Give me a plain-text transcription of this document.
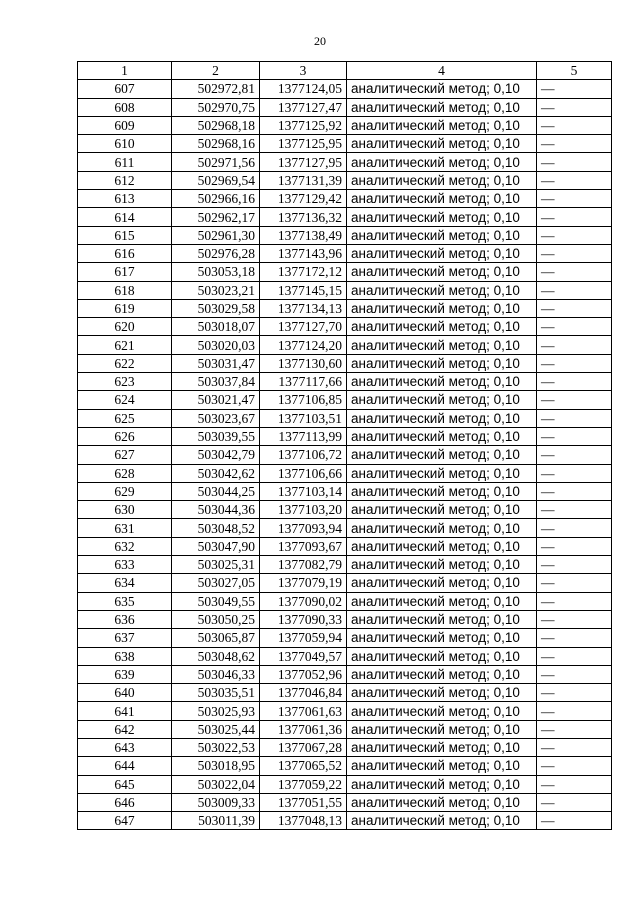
20
1	2	3	4	5
607	502972,81	1377124,05	аналитический метод; 0,10	—
608	502970,75	1377127,47	аналитический метод; 0,10	—
609	502968,18	1377125,92	аналитический метод; 0,10	—
610	502968,16	1377125,95	аналитический метод; 0,10	—
611	502971,56	1377127,95	аналитический метод; 0,10	—
612	502969,54	1377131,39	аналитический метод; 0,10	—
613	502966,16	1377129,42	аналитический метод; 0,10	—
614	502962,17	1377136,32	аналитический метод; 0,10	—
615	502961,30	1377138,49	аналитический метод; 0,10	—
616	502976,28	1377143,96	аналитический метод; 0,10	—
617	503053,18	1377172,12	аналитический метод; 0,10	—
618	503023,21	1377145,15	аналитический метод; 0,10	—
619	503029,58	1377134,13	аналитический метод; 0,10	—
620	503018,07	1377127,70	аналитический метод; 0,10	—
621	503020,03	1377124,20	аналитический метод; 0,10	—
622	503031,47	1377130,60	аналитический метод; 0,10	—
623	503037,84	1377117,66	аналитический метод; 0,10	—
624	503021,47	1377106,85	аналитический метод; 0,10	—
625	503023,67	1377103,51	аналитический метод; 0,10	—
626	503039,55	1377113,99	аналитический метод; 0,10	—
627	503042,79	1377106,72	аналитический метод; 0,10	—
628	503042,62	1377106,66	аналитический метод; 0,10	—
629	503044,25	1377103,14	аналитический метод; 0,10	—
630	503044,36	1377103,20	аналитический метод; 0,10	—
631	503048,52	1377093,94	аналитический метод; 0,10	—
632	503047,90	1377093,67	аналитический метод; 0,10	—
633	503025,31	1377082,79	аналитический метод; 0,10	—
634	503027,05	1377079,19	аналитический метод; 0,10	—
635	503049,55	1377090,02	аналитический метод; 0,10	—
636	503050,25	1377090,33	аналитический метод; 0,10	—
637	503065,87	1377059,94	аналитический метод; 0,10	—
638	503048,62	1377049,57	аналитический метод; 0,10	—
639	503046,33	1377052,96	аналитический метод; 0,10	—
640	503035,51	1377046,84	аналитический метод; 0,10	—
641	503025,93	1377061,63	аналитический метод; 0,10	—
642	503025,44	1377061,36	аналитический метод; 0,10	—
643	503022,53	1377067,28	аналитический метод; 0,10	—
644	503018,95	1377065,52	аналитический метод; 0,10	—
645	503022,04	1377059,22	аналитический метод; 0,10	—
646	503009,33	1377051,55	аналитический метод; 0,10	—
647	503011,39	1377048,13	аналитический метод; 0,10	—
